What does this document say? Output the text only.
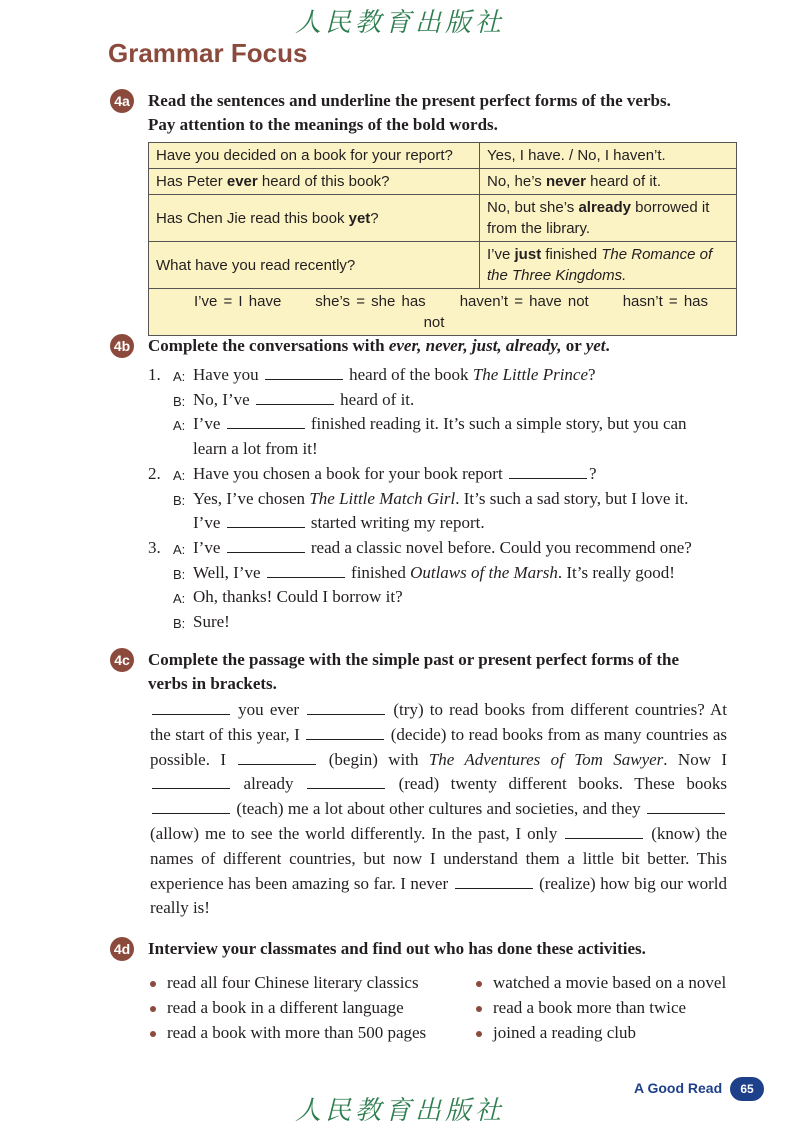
人民教育出版社
Grammar Focus
4a Read the sentences and underline the present perfect forms of the verbs.
Pay attention to the meanings of the bold words.
Have you decided on a book for your report?	Yes, I have. / No, I haven’t.
Has Peter ever heard of this book?	No, he’s never heard of it.
Has Chen Jie read this book yet?	No, but she’s already borrowed it from the library.
What have you read recently?	I’ve just finished The Romance of the Three Kingdoms.
I’ve = I have she’s = she has haven’t = have not hasn’t = has not	
4b Complete the conversations with ever, never, just, already, or yet.
1. A: Have you	heard of the book The Little Prince?
B: No, I’ve	heard of it.
A: I’ve	finished reading it. It’s such a simple story, but you can
learn a lot from it!
2. A: Have you chosen a book for your book report	?
B: Yes, I’ve chosen The Little Match Girl. It’s such a sad story, but I love it.
I’ve	started writing my report.
3. A: I’ve	read a classic novel before. Could you recommend one?
B: Well, I’ve	finished Outlaws of the Marsh. It’s really good!
A: Oh, thanks! Could I borrow it?
B: Sure!
4c Complete the passage with the simple past or present perfect forms of the
verbs in brackets.
you ever	(try) to read books from different countries? At the start of this year, I	(decide) to read books from as many countries as possible. I	(begin) with The Adventures of Tom Sawyer. Now I  already	(read) twenty different books. These books  (teach) me a lot about other cultures and societies, and they  (allow) me to see the world differently. In the past, I only	(know) the names of different countries, but now I understand them a little bit better. This experience has been amazing so far. I never	(realize) how big our world really is!
4d Interview your classmates and find out who has done these activities.
read all four Chinese literary classics
read a book in a different language
read a book with more than 500 pages
watched a movie based on a novel
read a book more than twice
joined a reading club
A Good Read	65
人民教育出版社
